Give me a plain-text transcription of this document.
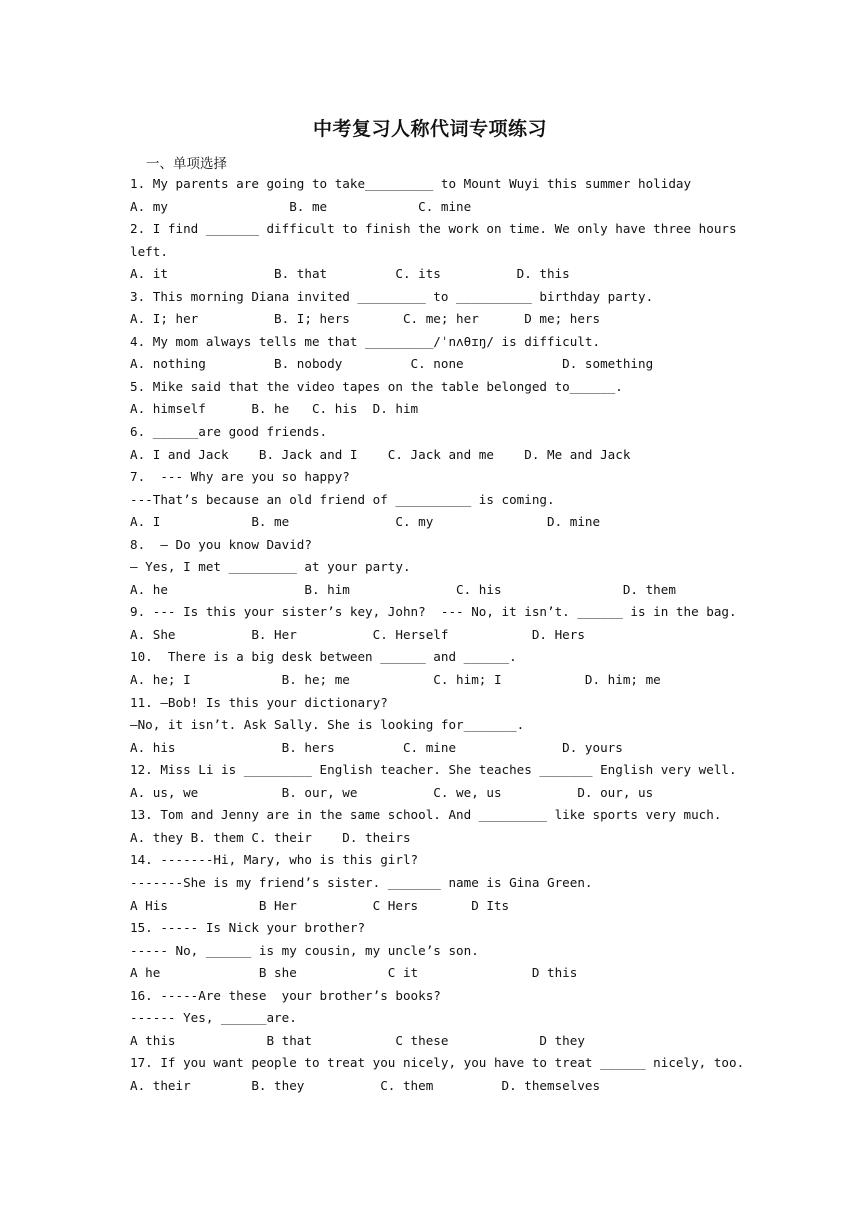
中考复习人称代词专项练习
一、单项选择
1. My parents are going to take_________ to Mount Wuyi this summer holiday
A. my                B. me            C. mine
2. I find _______ difficult to finish the work on time. We only have three hours
left.
A. it              B. that         C. its          D. this
3. This morning Diana invited _________ to __________ birthday party.
A. I; her          B. I; hers       C. me; her      D me; hers
4. My mom always tells me that _________/ˈnʌθɪŋ/ is difficult.
A. nothing         B. nobody         C. none             D. something
5. Mike said that the video tapes on the table belonged to______.
A. himself      B. he   C. his  D. him
6. ______are good friends.
A. I and Jack    B. Jack and I    C. Jack and me    D. Me and Jack
7.  --- Why are you so happy?
---That’s because an old friend of __________ is coming.
A. I            B. me              C. my               D. mine
8.  — Do you know David?
— Yes, I met _________ at your party.
A. he                  B. him              C. his                D. them
9. --- Is this your sister’s key, John?  --- No, it isn’t. ______ is in the bag.
A. She          B. Her          C. Herself           D. Hers
10.  There is a big desk between ______ and ______.
A. he; I            B. he; me           C. him; I           D. him; me
11. —Bob! Is this your dictionary?
—No, it isn’t. Ask Sally. She is looking for_______.
A. his              B. hers         C. mine              D. yours
12. Miss Li is _________ English teacher. She teaches _______ English very well.
A. us, we           B. our, we          C. we, us          D. our, us
13. Tom and Jenny are in the same school. And _________ like sports very much.
A. they B. them C. their    D. theirs
14. -------Hi, Mary, who is this girl?
-------She is my friend’s sister. _______ name is Gina Green.
A His            B Her          C Hers       D Its
15. ----- Is Nick your brother?
----- No, ______ is my cousin, my uncle’s son.
A he             B she            C it               D this
16. -----Are these  your brother’s books?
------ Yes, ______are.
A this            B that           C these            D they
17. If you want people to treat you nicely, you have to treat ______ nicely, too.
A. their        B. they          C. them         D. themselves
